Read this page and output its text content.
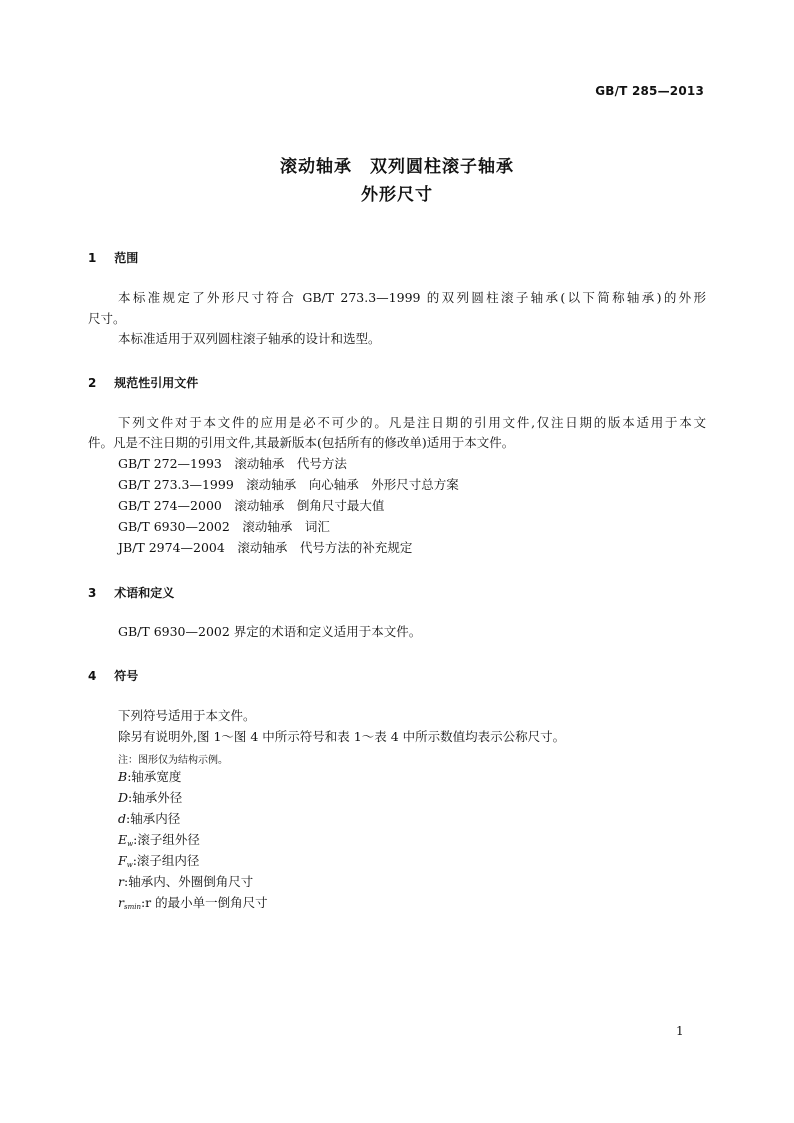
GB/T 285—2013
滚动轴承　双列圆柱滚子轴承
外形尺寸
1 范围
本标准规定了外形尺寸符合 GB/T 273.3—1999 的双列圆柱滚子轴承(以下简称轴承)的外形
尺寸。
本标准适用于双列圆柱滚子轴承的设计和选型。
2 规范性引用文件
下列文件对于本文件的应用是必不可少的。凡是注日期的引用文件,仅注日期的版本适用于本文
件。凡是不注日期的引用文件,其最新版本(包括所有的修改单)适用于本文件。
GB/T 272—1993　滚动轴承　代号方法
GB/T 273.3—1999　滚动轴承　向心轴承　外形尺寸总方案
GB/T 274—2000　滚动轴承　倒角尺寸最大值
GB/T 6930—2002　滚动轴承　词汇
JB/T 2974—2004　滚动轴承　代号方法的补充规定
3 术语和定义
GB/T 6930—2002 界定的术语和定义适用于本文件。
4 符号
下列符号适用于本文件。
除另有说明外,图 1～图 4 中所示符号和表 1～表 4 中所示数值均表示公称尺寸。
注：图形仅为结构示例。
B:轴承宽度
D:轴承外径
d:轴承内径
$E_w$:滚子组外径
$F_w$:滚子组内径
r:轴承内、外圈倒角尺寸
$r_{smin}:r$ 的最小单一倒角尺寸
1
